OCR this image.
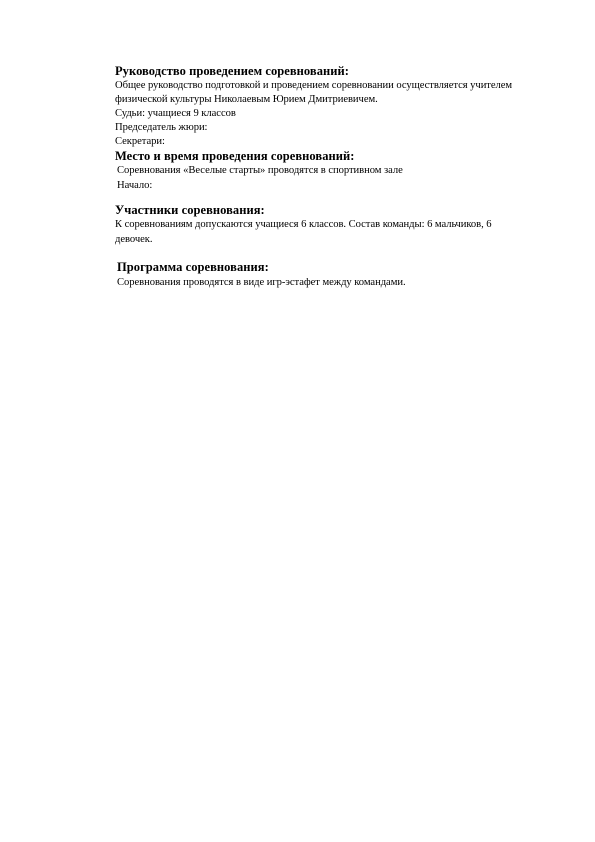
Руководство проведением соревнований:
Общее руководство подготовкой и проведением соревновании осуществляется учителем
физической культуры Николаевым Юрием Дмитриевичем.
Судьи: учащиеся 9 классов
Председатель жюри:
Секретари:
Место и время проведения соревнований:
Соревнования «Веселые старты» проводятся в спортивном зале
Начало:
Участники соревнования:
К соревнованиям допускаются учащиеся 6 классов. Состав команды: 6 мальчиков, 6
девочек.
Программа соревнования:
Соревнования проводятся в виде игр-эстафет между командами.
